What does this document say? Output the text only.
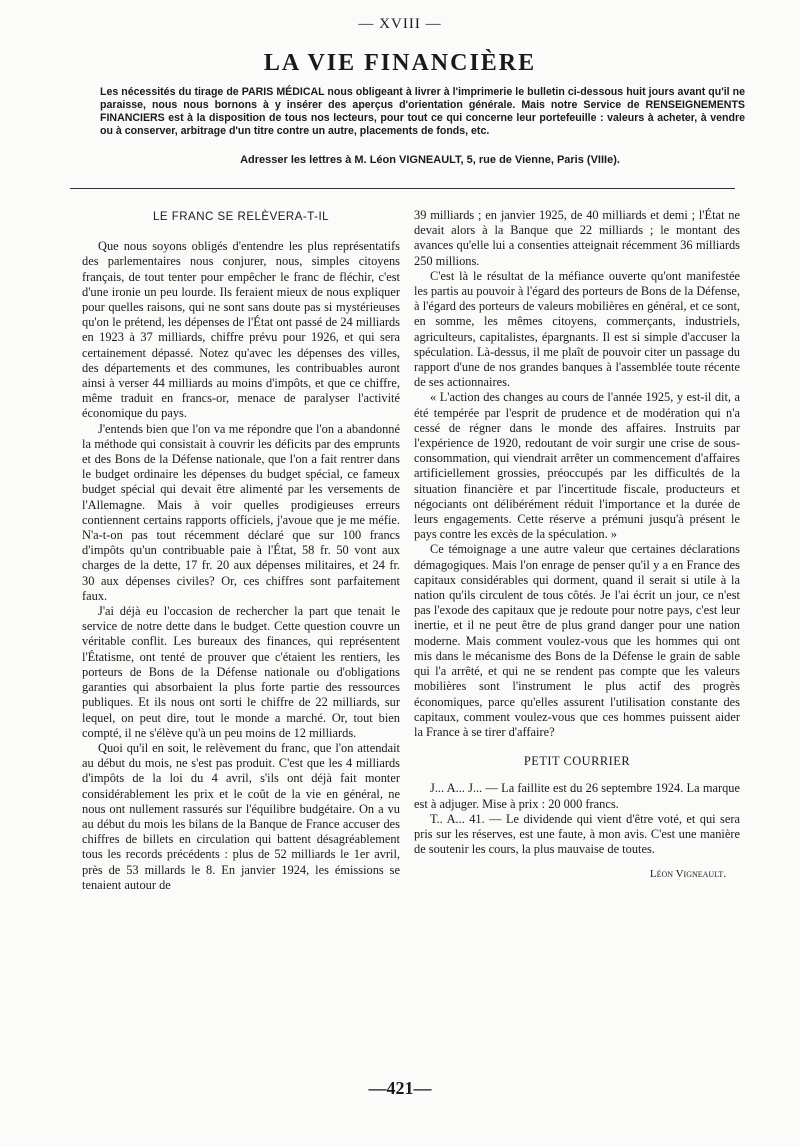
— XVIII —
LA VIE FINANCIÈRE
Les nécessités du tirage de PARIS MÉDICAL nous obligeant à livrer à l'imprimerie le bulletin ci-dessous huit jours avant qu'il ne paraisse, nous nous bornons à y insérer des aperçus d'orientation générale. Mais notre Service de RENSEIGNEMENTS FINANCIERS est à la disposition de tous nos lecteurs, pour tout ce qui concerne leur portefeuille : valeurs à acheter, à vendre ou à conserver, arbitrage d'un titre contre un autre, placements de fonds, etc.
Adresser les lettres à M. Léon VIGNEAULT, 5, rue de Vienne, Paris (VIIIe).
LE FRANC SE RELÈVERA-T-IL

Que nous soyons obligés d'entendre les plus représentatifs des parlementaires nous conjurer, nous, simples citoyens français, de tout tenter pour empêcher le franc de fléchir, c'est d'une ironie un peu lourde. Ils feraient mieux de nous expliquer pour quelles raisons, qui ne sont sans doute pas si mystérieuses qu'on le prétend, les dépenses de l'État ont passé de 24 milliards en 1923 à 37 milliards, chiffre prévu pour 1926, et qui sera certainement dépassé. Notez qu'avec les dépenses des villes, des départements et des communes, les contribuables auront ainsi à verser 44 milliards au moins d'impôts, et que ce chiffre, même traduit en francs-or, menace de paralyser l'activité économique du pays.

J'entends bien que l'on va me répondre que l'on a abandonné la méthode qui consistait à couvrir les déficits par des emprunts et des Bons de la Défense nationale, que l'on a fait rentrer dans le budget ordinaire les dépenses du budget spécial, ce fameux budget spécial qui devait être alimenté par les versements de l'Allemagne. Mais à voir quelles prodigieuses erreurs contiennent certains rapports officiels, j'avoue que je me méfie. N'a-t-on pas tout récemment déclaré que sur 100 francs d'impôts qu'un contribuable paie à l'État, 58 fr. 50 vont aux charges de la dette, 17 fr. 20 aux dépenses militaires, et 24 fr. 30 aux dépenses civiles? Or, ces chiffres sont parfaitement faux.

J'ai déjà eu l'occasion de rechercher la part que tenait le service de notre dette dans le budget. Cette question couvre un véritable conflit. Les bureaux des finances, qui représentent l'Étatisme, ont tenté de prouver que c'étaient les rentiers, les porteurs de Bons de la Défense nationale ou d'obligations garanties qui absorbaient la plus forte partie des ressources publiques. Et ils nous ont sorti le chiffre de 22 milliards, sur lequel, on peut dire, tout le monde a marché. Or, tout bien compté, il ne s'élève qu'à un peu moins de 12 milliards.

Quoi qu'il en soit, le relèvement du franc, que l'on attendait au début du mois, ne s'est pas produit. C'est que les 4 milliards d'impôts de la loi du 4 avril, s'ils ont déjà fait monter considérablement les prix et le coût de la vie en général, ne nous ont nullement rassurés sur l'équilibre budgétaire. On a vu au début du mois les bilans de la Banque de France accuser des chiffres de billets en circulation qui battent désagréablement tous les records précédents : plus de 52 milliards le 1er avril, près de 53 millards le 8. En janvier 1924, les émissions se tenaient autour de

39 milliards ; en janvier 1925, de 40 milliards et demi ; l'État ne devait alors à la Banque que 22 milliards ; le montant des avances qu'elle lui a consenties atteignait récemment 36 milliards 250 millions.

C'est là le résultat de la méfiance ouverte qu'ont manifestée les partis au pouvoir à l'égard des porteurs de Bons de la Défense, à l'égard des porteurs de valeurs mobilières en général, et ce sont, en somme, les mêmes citoyens, commerçants, industriels, agriculteurs, capitalistes, épargnants. Il est si simple d'accuser la spéculation. Là-dessus, il me plaît de pouvoir citer un passage du rapport d'une de nos grandes banques à l'assemblée toute récente de ses actionnaires.

« L'action des changes au cours de l'année 1925, y est-il dit, a été tempérée par l'esprit de prudence et de modération qui n'a cessé de régner dans le monde des affaires. Instruits par l'expérience de 1920, redoutant de voir surgir une crise de sous-consommation, qui viendrait arrêter un commencement d'affaires artificiellement grossies, préoccupés par les difficultés de la situation financière et par l'incertitude fiscale, producteurs et négociants ont délibérément réduit l'importance et la durée de leurs engagements. Cette réserve a prémuni jusqu'à présent le pays contre les excès de la spéculation. »

Ce témoignage a une autre valeur que certaines déclarations démagogiques. Mais l'on enrage de penser qu'il y a en France des capitaux considérables qui dorment, quand il serait si utile à la nation qu'ils circulent de tous côtés. Je l'ai écrit un jour, ce n'est pas l'exode des capitaux que je redoute pour notre pays, c'est leur inertie, et il ne peut être de plus grand danger pour une nation moderne. Mais comment voulez-vous que les hommes qui ont mis dans le mécanisme des Bons de la Défense le grain de sable qui l'a arrêté, et qui ne se rendent pas compte que les valeurs mobilières sont l'instrument le plus actif des progrès économiques, parce qu'elles assurent l'utilisation constante des capitaux, comment voulez-vous que ces hommes puissent aider la France à se tirer d'affaire?

PETIT COURRIER

J... A... J... — La faillite est du 26 septembre 1924. La marque est à adjuger. Mise à prix : 20 000 francs.

T.. A... 41. — Le dividende qui vient d'être voté, et qui sera pris sur les réserves, est une faute, à mon avis. C'est une manière de soutenir les cours, la plus mauvaise de toutes.

Léon Vigneault.
—421—
